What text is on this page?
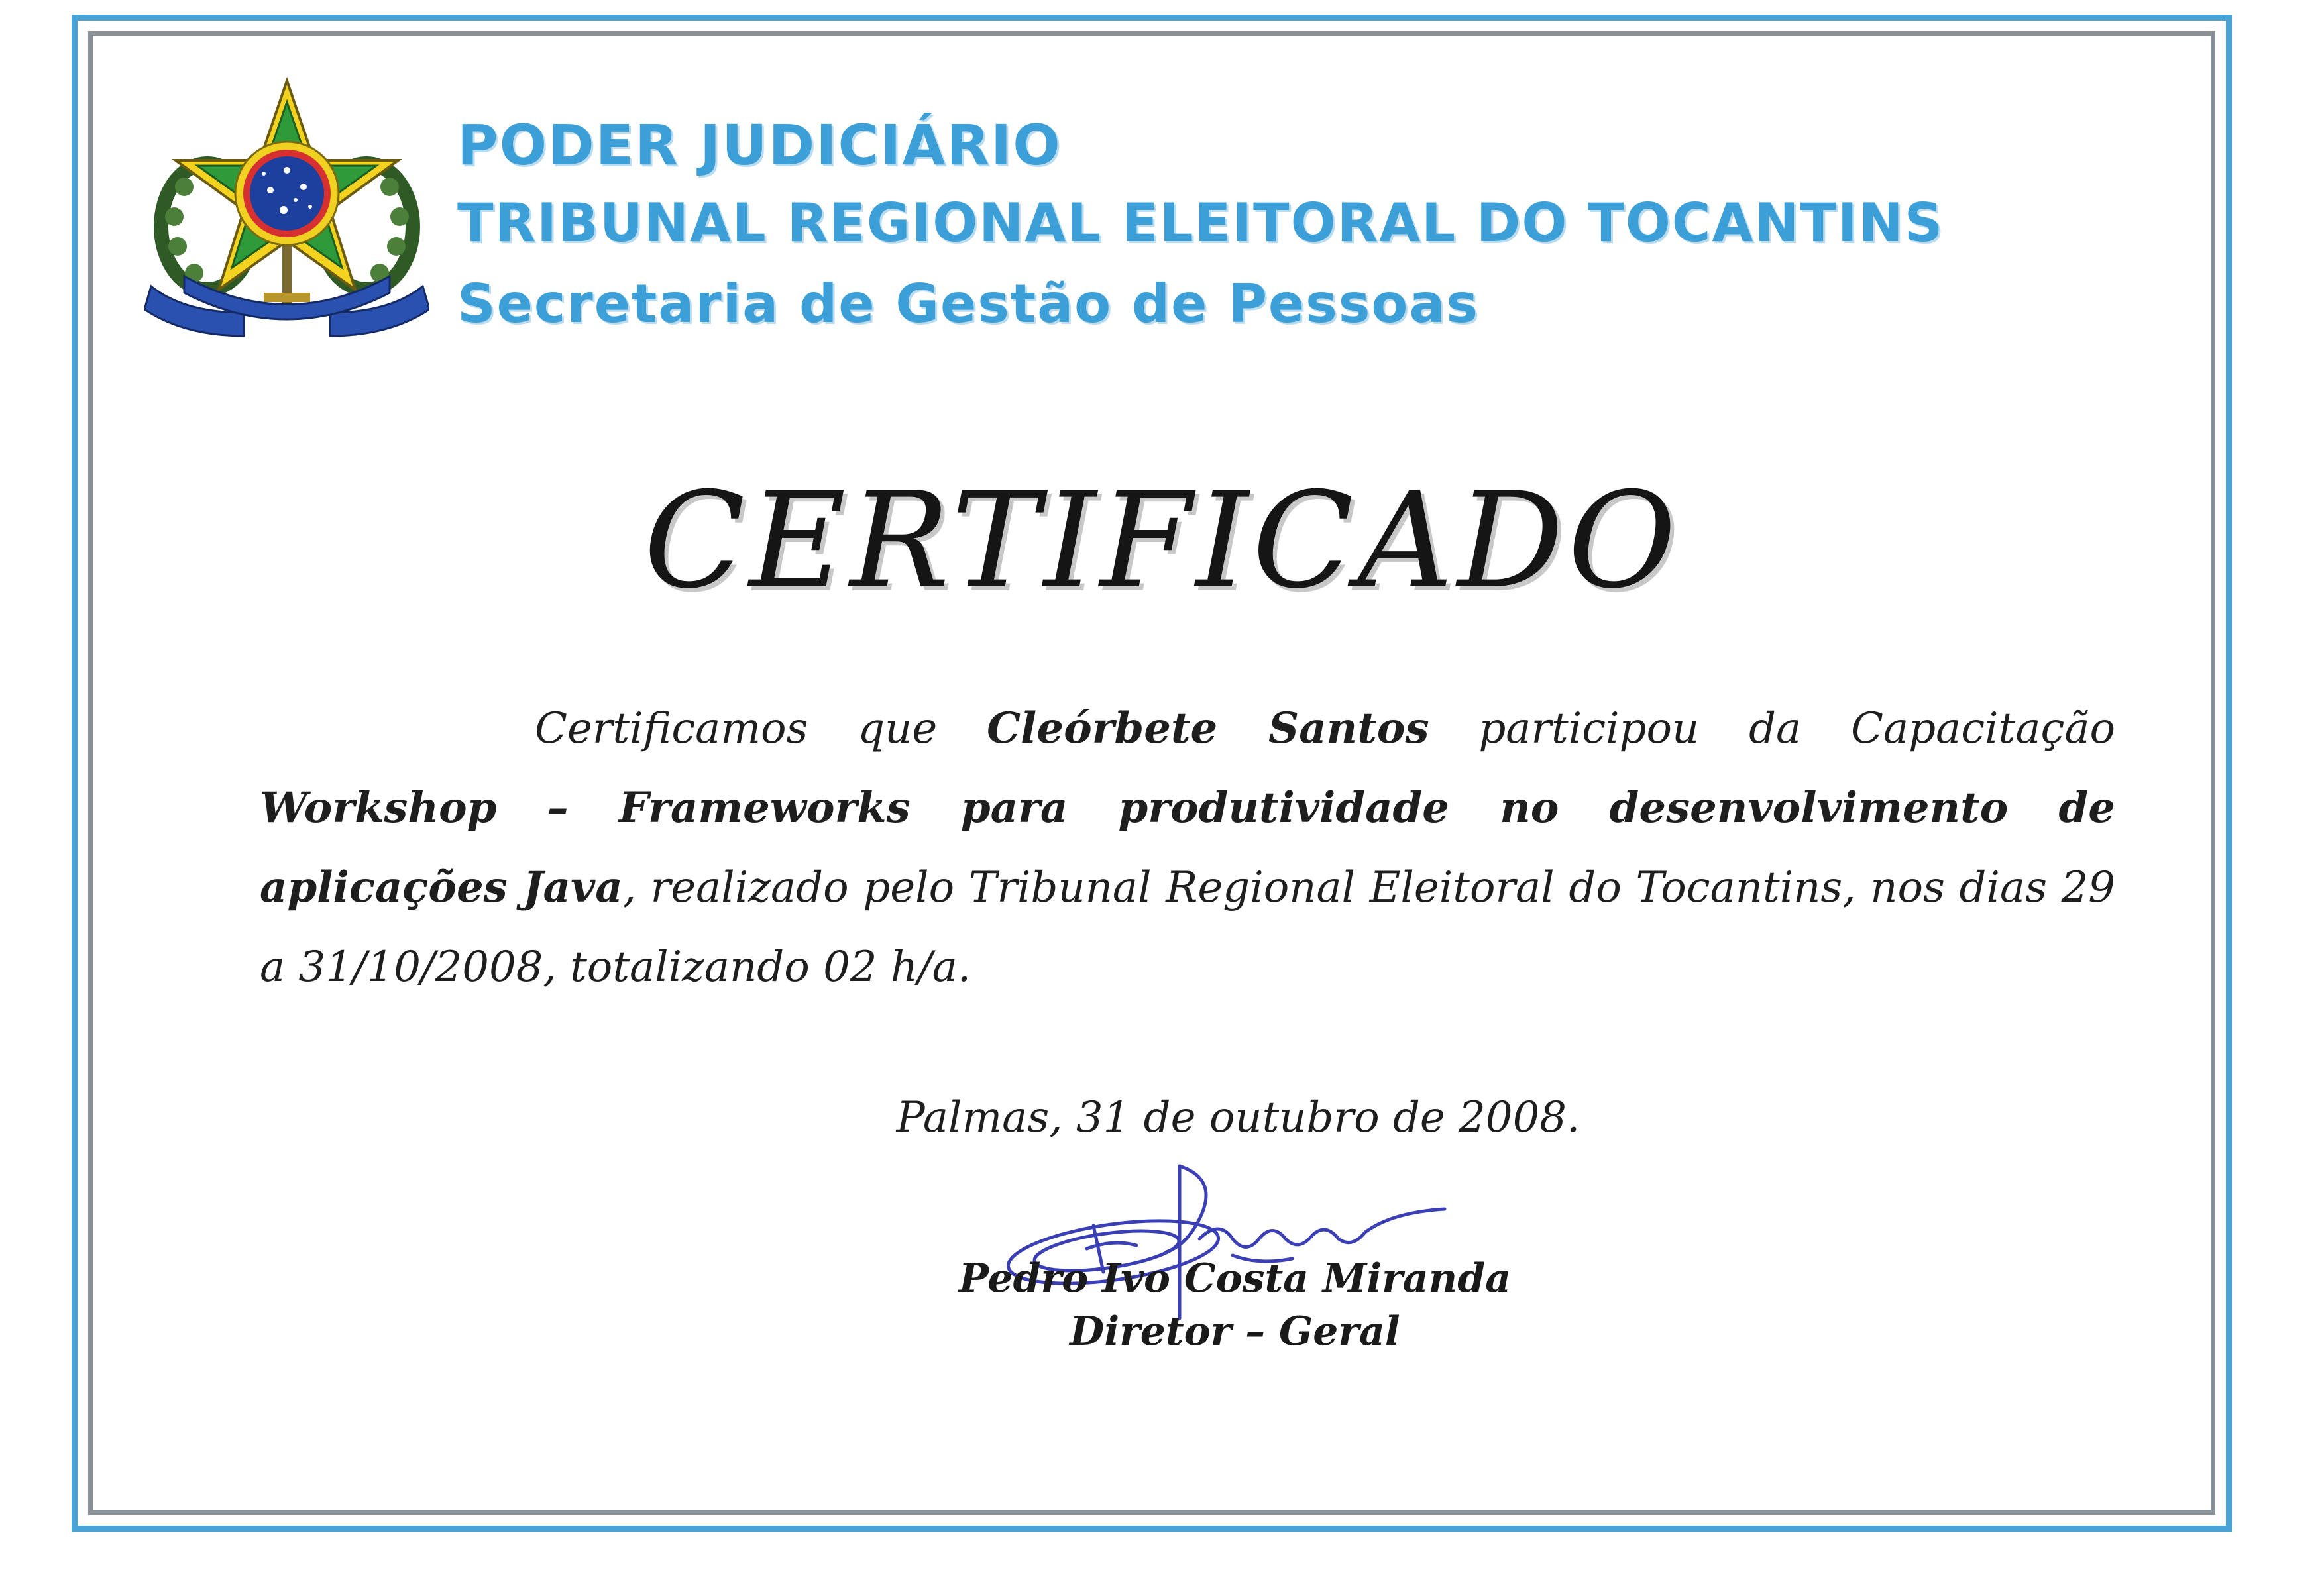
PODER JUDICIÁRIO
TRIBUNAL REGIONAL ELEITORAL DO TOCANTINS
Secretaria de Gestão de Pessoas
CERTIFICADO
Certificamos que Cleórbete Santos participou da Capacitação Workshop – Frameworks para produtividade no desenvolvimento de aplicações Java, realizado pelo Tribunal Regional Eleitoral do Tocantins, nos dias 29 a 31/10/2008, totalizando 02 h/a.
Palmas, 31 de outubro de 2008.
Pedro Ivo Costa Miranda
Diretor – Geral
